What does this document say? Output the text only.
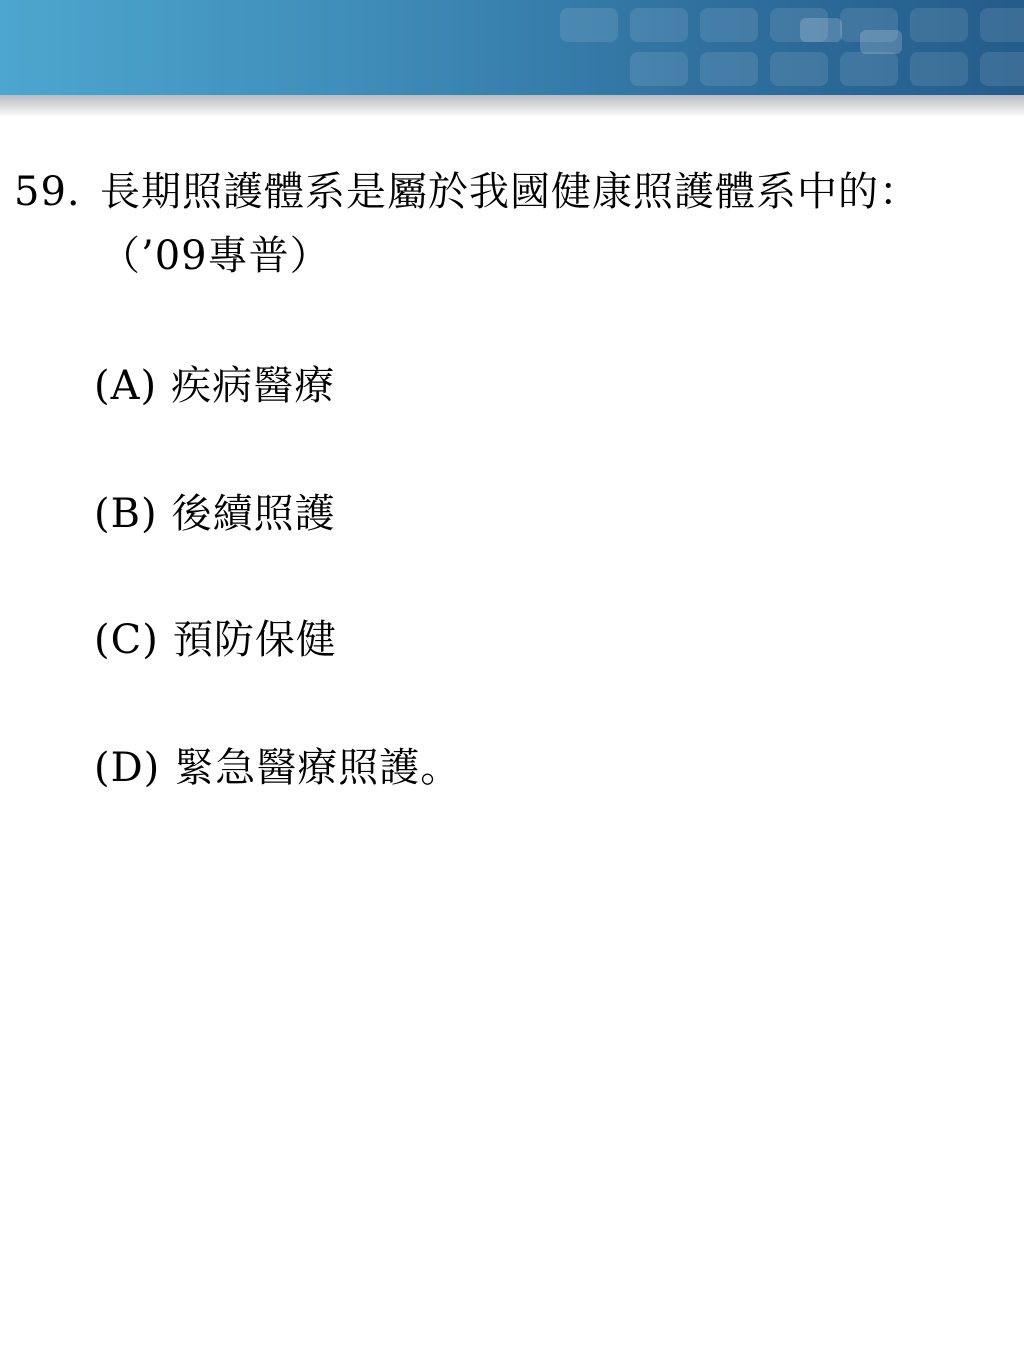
59. 長期照護體系是屬於我國健康照護體系中的：（’09專普）
(A) 疾病醫療
(B) 後續照護
(C) 預防保健
(D) 緊急醫療照護。
